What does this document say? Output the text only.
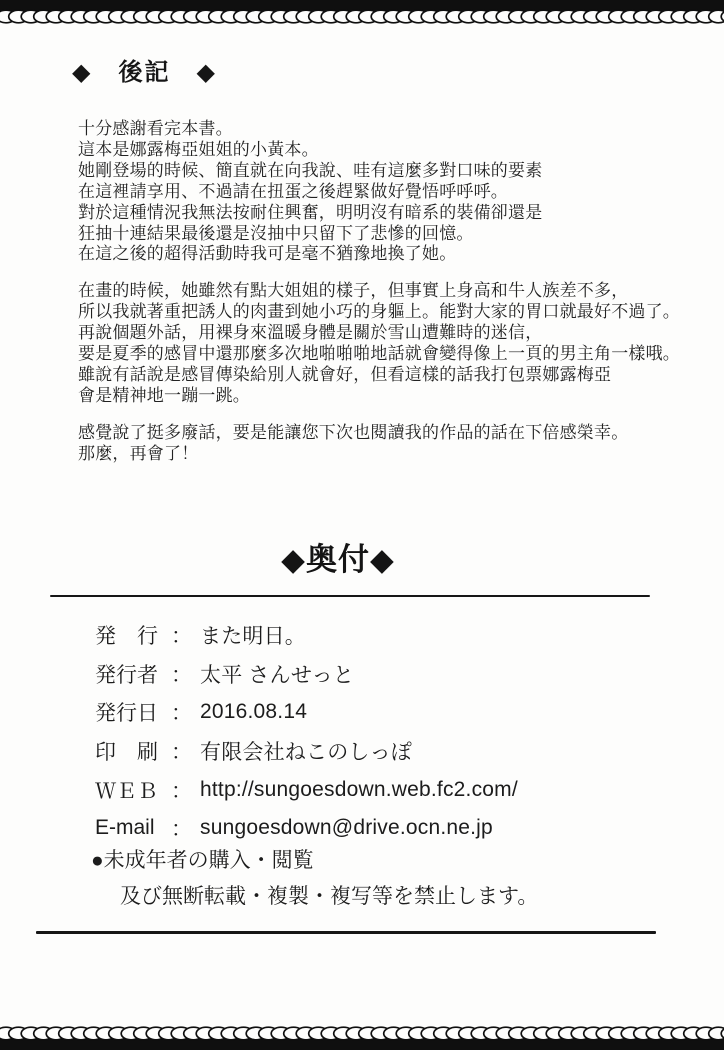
◆　後記　◆
十分感謝看完本書。
這本是娜露梅亞姐姐的小黃本。
她剛登場的時候、簡直就在向我說、哇有這麼多對口味的要素
在這裡請享用、不過請在扭蛋之後趕緊做好覺悟呼呼呼。
對於這種情況我無法按耐住興奮，明明沒有暗系的裝備卻還是
狂抽十連結果最後還是沒抽中只留下了悲慘的回憶。
在這之後的超得活動時我可是毫不猶豫地換了她。
在畫的時候，她雖然有點大姐姐的樣子，但事實上身高和牛人族差不多，
所以我就著重把誘人的肉畫到她小巧的身軀上。能對大家的胃口就最好不過了。
再說個題外話，用裸身來溫暖身體是關於雪山遭難時的迷信，
要是夏季的感冒中還那麼多次地啪啪啪地話就會變得像上一頁的男主角一樣哦。
雖說有話說是感冒傳染給別人就會好，但看這樣的話我打包票娜露梅亞
會是精神地一蹦一跳。
感覺說了挺多廢話，要是能讓您下次也閱讀我的作品的話在下倍感榮幸。
那麼，再會了！
◆奥付◆
発　行 ： また明日。
発行者 ： 太平 さんせっと
発行日 ： 2016.08.14
印　刷 ： 有限会社ねこのしっぽ
ＷＥＢ ： http://sungoesdown.web.fc2.com/
E-mail ： sungoesdown@drive.ocn.ne.jp
●未成年者の購入・閲覧
及び無断転載・複製・複写等を禁止します。
